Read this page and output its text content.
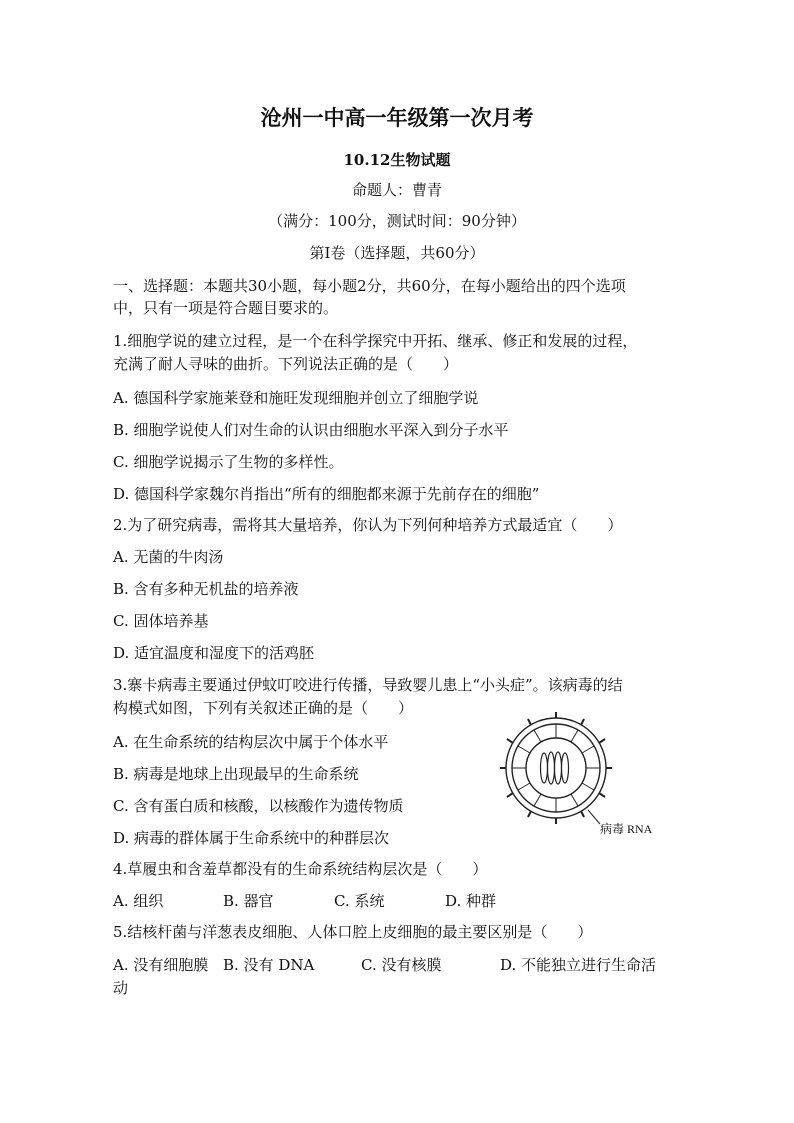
沧州一中高一年级第一次月考
10.12生物试题
命题人：曹青
（满分：100分，测试时间：90分钟）
第Ⅰ卷（选择题，共60分）
一、选择题：本题共30小题，每小题2分，共60分，在每小题给出的四个选项
中，只有一项是符合题目要求的。
1.细胞学说的建立过程，是一个在科学探究中开拓、继承、修正和发展的过程，
充满了耐人寻味的曲折。下列说法正确的是（　　）
A. 德国科学家施莱登和施旺发现细胞并创立了细胞学说
B. 细胞学说使人们对生命的认识由细胞水平深入到分子水平
C. 细胞学说揭示了生物的多样性。
D. 德国科学家魏尔肖指出“所有的细胞都来源于先前存在的细胞”
2.为了研究病毒，需将其大量培养，你认为下列何种培养方式最适宜（　　）
A. 无菌的牛肉汤
B. 含有多种无机盐的培养液
C. 固体培养基
D. 适宜温度和湿度下的活鸡胚
3.寨卡病毒主要通过伊蚊叮咬进行传播，导致婴儿患上“小头症”。该病毒的结
构模式如图，下列有关叙述正确的是（　　）
A. 在生命系统的结构层次中属于个体水平
B. 病毒是地球上出现最早的生命系统
C. 含有蛋白质和核酸，以核酸作为遗传物质
D. 病毒的群体属于生命系统中的种群层次	病毒 RNA
4.草履虫和含羞草都没有的生命系统结构层次是（　　）
A. 组织	B. 器官	C. 系统	D. 种群
5.结核杆菌与洋葱表皮细胞、人体口腔上皮细胞的最主要区别是（　　）
A. 没有细胞膜 B. 没有 DNA	C. 没有核膜	D. 不能独立进行生命活
动
